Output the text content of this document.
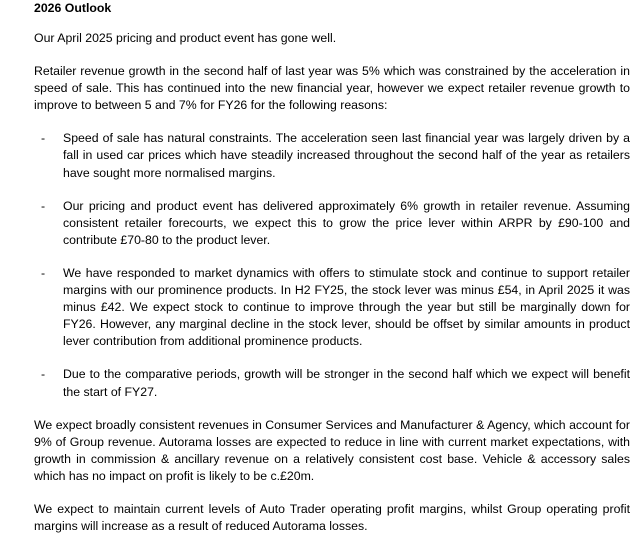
2026 Outlook

Our April 2025 pricing and product event has gone well.

Retailer revenue growth in the second half of last year was 5% which was constrained by the acceleration in speed of sale. This has continued into the new financial year, however we expect retailer revenue growth to improve to between 5 and 7% for FY26 for the following reasons:

- Speed of sale has natural constraints. The acceleration seen last financial year was largely driven by a fall in used car prices which have steadily increased throughout the second half of the year as retailers have sought more normalised margins.
- Our pricing and product event has delivered approximately 6% growth in retailer revenue. Assuming consistent retailer forecourts, we expect this to grow the price lever within ARPR by £90-100 and contribute £70-80 to the product lever.
- We have responded to market dynamics with offers to stimulate stock and continue to support retailer margins with our prominence products. In H2 FY25, the stock lever was minus £54, in April 2025 it was minus £42. We expect stock to continue to improve through the year but still be marginally down for FY26. However, any marginal decline in the stock lever, should be offset by similar amounts in product lever contribution from additional prominence products.
- Due to the comparative periods, growth will be stronger in the second half which we expect will benefit the start of FY27.

We expect broadly consistent revenues in Consumer Services and Manufacturer & Agency, which account for 9% of Group revenue. Autorama losses are expected to reduce in line with current market expectations, with growth in commission & ancillary revenue on a relatively consistent cost base. Vehicle & accessory sales which has no impact on profit is likely to be c.£20m.

We expect to maintain current levels of Auto Trader operating profit margins, whilst Group operating profit margins will increase as a result of reduced Autorama losses.
